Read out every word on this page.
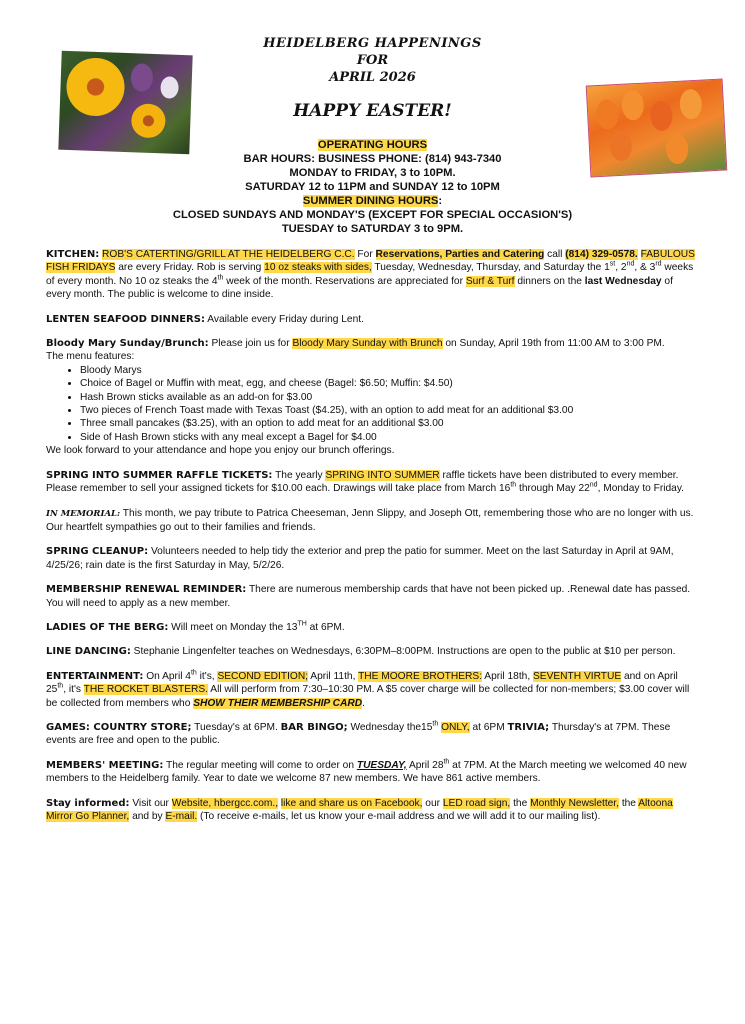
HEIDELBERG HAPPENINGS
FOR
APRIL 2026
HAPPY EASTER!
OPERATING HOURS
BAR HOURS: BUSINESS PHONE: (814) 943-7340
MONDAY to FRIDAY, 3 to 10PM.
SATURDAY 12 to 11PM and SUNDAY 12 to 10PM
SUMMER DINING HOURS:
CLOSED SUNDAYS AND MONDAY'S (EXCEPT FOR SPECIAL OCCASION'S)
TUESDAY to SATURDAY 3 to 9PM.
KITCHEN: ROB'S CATERTING/GRILL AT THE HEIDELBERG C.C. For Reservations, Parties and Catering call (814) 329-0578. FABULOUS FISH FRIDAYS are every Friday. Rob is serving 10 oz steaks with sides, Tuesday, Wednesday, Thursday, and Saturday the 1st, 2nd, & 3rd weeks of every month. No 10 oz steaks the 4th week of the month. Reservations are appreciated for Surf & Turf dinners on the last Wednesday of every month. The public is welcome to dine inside.
LENTEN SEAFOOD DINNERS: Available every Friday during Lent.

Bloody Mary Sunday/Brunch: Please join us for Bloody Mary Sunday with Brunch on Sunday, April 19th from 11:00 AM to 3:00 PM.

The menu features:

• Bloody Marys
• Choice of Bagel or Muffin with meat, egg, and cheese (Bagel: $6.50; Muffin: $4.50)
• Hash Brown sticks available as an add-on for $3.00
• Two pieces of French Toast made with Texas Toast ($4.25), with an option to add meat for an additional $3.00
• Three small pancakes ($3.25), with an option to add meat for an additional $3.00
• Side of Hash Brown sticks with any meal except a Bagel for $4.00

We look forward to your attendance and hope you enjoy our brunch offerings.

SPRING INTO SUMMER RAFFLE TICKETS: The yearly SPRING INTO SUMMER raffle tickets have been distributed to every member. Please remember to sell your assigned tickets for $10.00 each. Drawings will take place from March 16th through May 22nd, Monday to Friday.
IN MEMORIAL: This month, we pay tribute to Patrica Cheeseman, Jenn Slippy, and Joseph Ott, remembering those who are no longer with us. Our heartfelt sympathies go out to their families and friends.
SPRING CLEANUP: Volunteers needed to help tidy the exterior and prep the patio for summer. Meet on the last Saturday in April at 9AM, 4/25/26; rain date is the first Saturday in May, 5/2/26.
MEMBERSHIP RENEWAL REMINDER: There are numerous membership cards that have not been picked up. .Renewal date has passed. You will need to apply as a new member.
LADIES OF THE BERG: Will meet on Monday the 13TH at 6PM.
LINE DANCING: Stephanie Lingenfelter teaches on Wednesdays, 6:30PM–8:00PM. Instructions are open to the public at $10 per person.
ENTERTAINMENT: On April 4th it's, SECOND EDITION; April 11th, THE MOORE BROTHERS: April 18th, SEVENTH VIRTUE and on April 25th, it's THE ROCKET BLASTERS. All will perform from 7:30–10:30 PM. A $5 cover charge will be collected for non-members; $3.00 cover will be collected from members who SHOW THEIR MEMBERSHIP CARD.
GAMES: COUNTRY STORE; Tuesday's at 6PM. BAR BINGO; Wednesday the15th ONLY, at 6PM TRIVIA; Thursday's at 7PM. These events are free and open to the public.
MEMBERS' MEETING: The regular meeting will come to order on TUESDAY, April 28th at 7PM. At the March meeting we welcomed 40 new members to the Heidelberg family. Year to date we welcome 87 new members. We have 861 active members.
Stay informed: Visit our Website, hbergcc.com., like and share us on Facebook, our LED road sign, the Monthly Newsletter, the Altoona Mirror Go Planner, and by E-mail. (To receive e-mails, let us know your e-mail address and we will add it to our mailing list).
